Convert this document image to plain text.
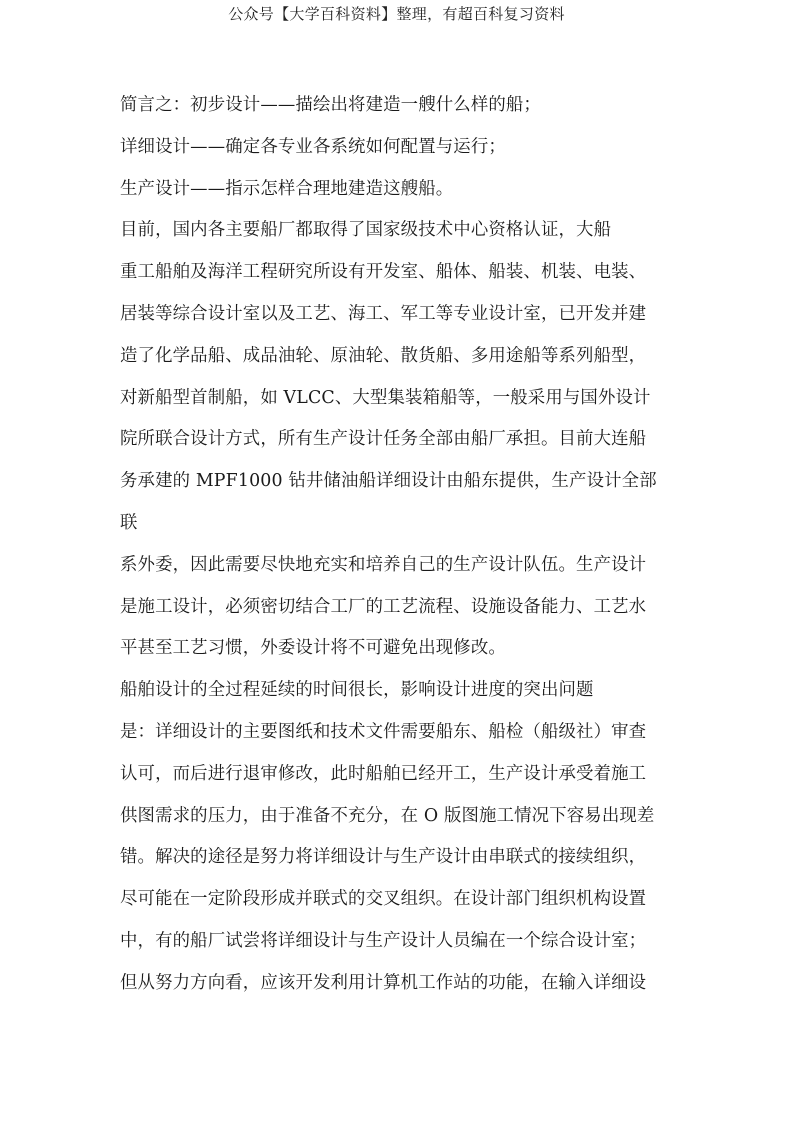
公众号【大学百科资料】整理，有超百科复习资料
简言之：初步设计——描绘出将建造一艘什么样的船；
详细设计——确定各专业各系统如何配置与运行；
生产设计——指示怎样合理地建造这艘船。
目前，国内各主要船厂都取得了国家级技术中心资格认证，大船
重工船舶及海洋工程研究所设有开发室、船体、船装、机装、电装、
居装等综合设计室以及工艺、海工、军工等专业设计室，已开发并建
造了化学品船、成品油轮、原油轮、散货船、多用途船等系列船型，
对新船型首制船，如 VLCC、大型集装箱船等，一般采用与国外设计
院所联合设计方式，所有生产设计任务全部由船厂承担。目前大连船
务承建的 MPF1000 钻井储油船详细设计由船东提供，生产设计全部
联
系外委，因此需要尽快地充实和培养自己的生产设计队伍。生产设计
是施工设计，必须密切结合工厂的工艺流程、设施设备能力、工艺水
平甚至工艺习惯，外委设计将不可避免出现修改。
船舶设计的全过程延续的时间很长，影响设计进度的突出问题
是：详细设计的主要图纸和技术文件需要船东、船检（船级社）审查
认可，而后进行退审修改，此时船舶已经开工，生产设计承受着施工
供图需求的压力，由于准备不充分，在 O 版图施工情况下容易出现差
错。解决的途径是努力将详细设计与生产设计由串联式的接续组织，
尽可能在一定阶段形成并联式的交叉组织。在设计部门组织机构设置
中，有的船厂试尝将详细设计与生产设计人员编在一个综合设计室；
但从努力方向看，应该开发利用计算机工作站的功能，在输入详细设
